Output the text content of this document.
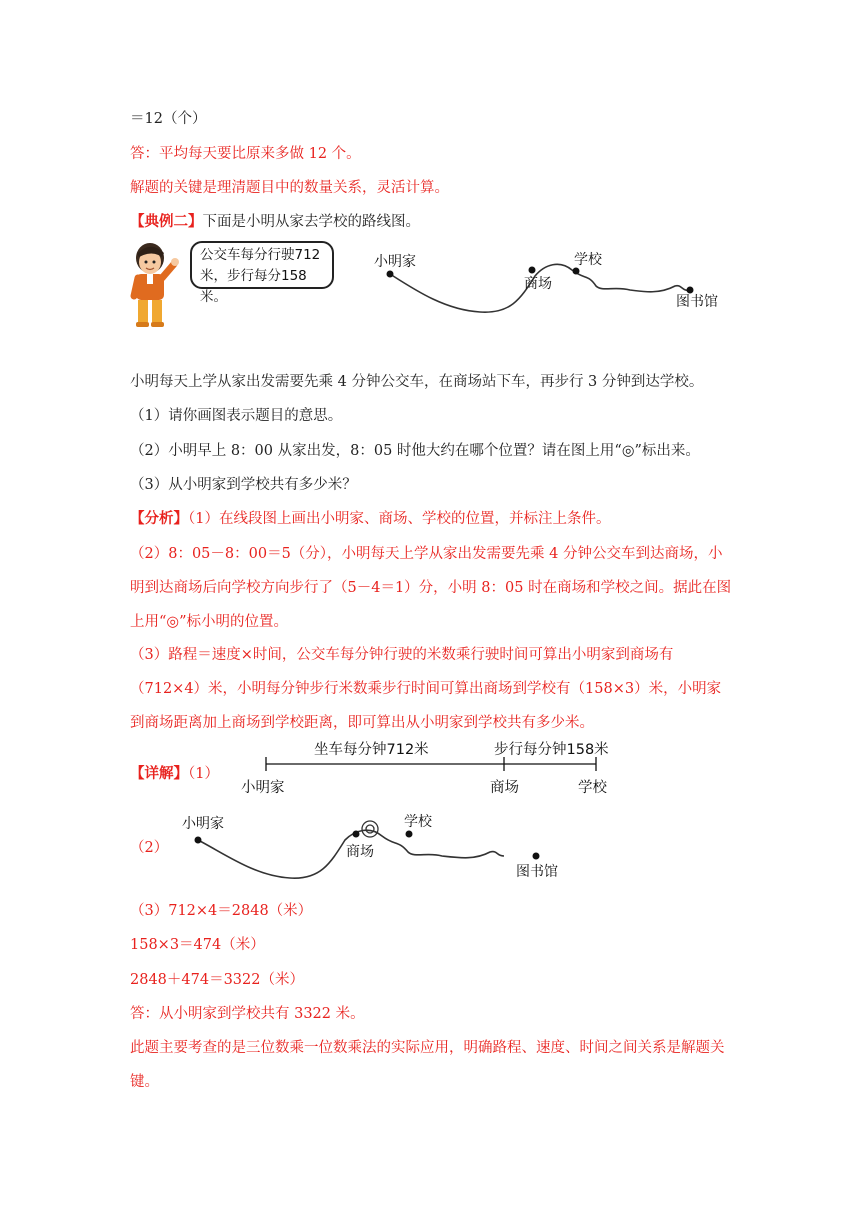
＝12（个）
答：平均每天要比原来多做 12 个。
解题的关键是理清题目中的数量关系，灵活计算。
【典例二】下面是小明从家去学校的路线图。
公交车每分行驶712
米，步行每分158米。
小明家
商场
学校
图书馆
小明每天上学从家出发需要先乘 4 分钟公交车，在商场站下车，再步行 3 分钟到达学校。
（1）请你画图表示题目的意思。
（2）小明早上 8：00 从家出发，8：05 时他大约在哪个位置？请在图上用“◎”标出来。
（3）从小明家到学校共有多少米？
【分析】（1）在线段图上画出小明家、商场、学校的位置，并标注上条件。
（2）8：05－8：00＝5（分），小明每天上学从家出发需要先乘 4 分钟公交车到达商场，小明到达商场后向学校方向步行了（5－4＝1）分，小明 8：05 时在商场和学校之间。据此在图上用“◎”标小明的位置。
（3）路程＝速度×时间，公交车每分钟行驶的米数乘行驶时间可算出小明家到商场有（712×4）米，小明每分钟步行米数乘步行时间可算出商场到学校有（158×3）米，小明家到商场距离加上商场到学校距离，即可算出从小明家到学校共有多少米。
【详解】（1）
坐车每分钟712米	步行每分钟158米
小明家	商场	学校
（2）
小明家
商场
学校
图书馆
（3）712×4＝2848（米）
158×3＝474（米）
2848＋474＝3322（米）
答：从小明家到学校共有 3322 米。
此题主要考查的是三位数乘一位数乘法的实际应用，明确路程、速度、时间之间关系是解题关键。
